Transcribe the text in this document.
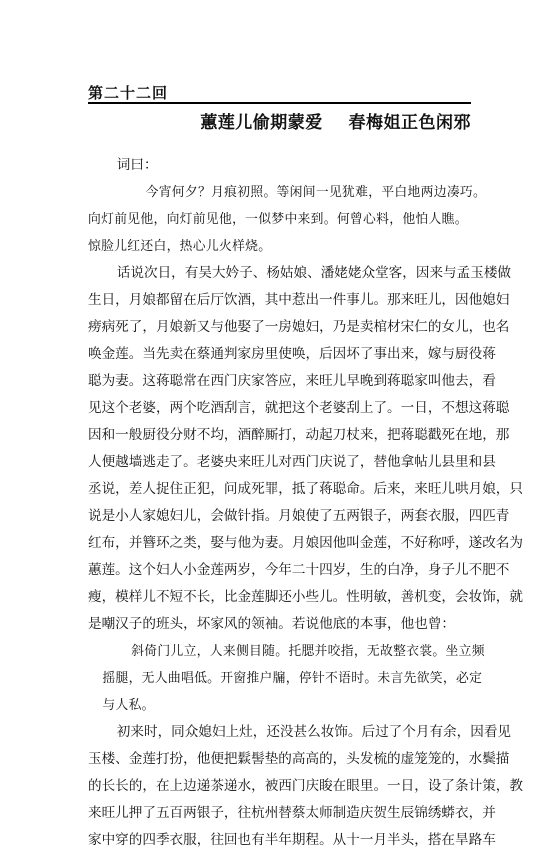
第二十二回
蕙莲儿偷期蒙爱    春梅姐正色闲邪
词曰：
今宵何夕？月痕初照。等闲间一见犹难，平白地两边凑巧。
向灯前见他，向灯前见他，一似梦中来到。何曾心料，他怕人瞧。
惊脸儿红还白，热心儿火样烧。
话说次日，有吴大妗子、杨姑娘、潘姥姥众堂客，因来与孟玉楼做
生日，月娘都留在后厅饮酒，其中惹出一件事儿。那来旺儿，因他媳妇
痨病死了，月娘新又与他娶了一房媳妇，乃是卖棺材宋仁的女儿，也名
唤金莲。当先卖在蔡通判家房里使唤，后因坏了事出来，嫁与厨役蒋
聪为妻。这蒋聪常在西门庆家答应，来旺儿早晚到蒋聪家叫他去，看
见这个老婆，两个吃酒刮言，就把这个老婆刮上了。一日，不想这蒋聪
因和一般厨役分财不均，酒醉厮打，动起刀杖来，把蒋聪戳死在地，那
人便越墙逃走了。老婆央来旺儿对西门庆说了，替他拿帖儿县里和县
丞说，差人捉住正犯，问成死罪，抵了蒋聪命。后来，来旺儿哄月娘，只
说是小人家媳妇儿，会做针指。月娘使了五两银子，两套衣服，四匹青
红布，并簪环之类，娶与他为妻。月娘因他叫金莲，不好称呼，遂改名为
蕙莲。这个妇人小金莲两岁，今年二十四岁，生的白净，身子儿不肥不
瘦，模样儿不短不长，比金莲脚还小些儿。性明敏，善机变，会妆饰，就
是嘲汉子的班头，坏家风的领袖。若说他底的本事，他也曾：
斜倚门儿立，人来侧目随。托腮并咬指，无故整衣裳。坐立频
摇腿，无人曲唱低。开窗推户牖，停针不语时。未言先欲笑，必定
与人私。
初来时，同众媳妇上灶，还没甚么妆饰。后过了个月有余，因看见
玉楼、金莲打扮，他便把鬏髻垫的高高的，头发梳的虚笼笼的，水鬓描
的长长的，在上边递茶递水，被西门庆睃在眼里。一日，设了条计策，教
来旺儿押了五百两银子，往杭州替蔡太师制造庆贺生辰锦绣蟒衣，并
家中穿的四季衣服，往回也有半年期程。从十一月半头，搭在旱路车
